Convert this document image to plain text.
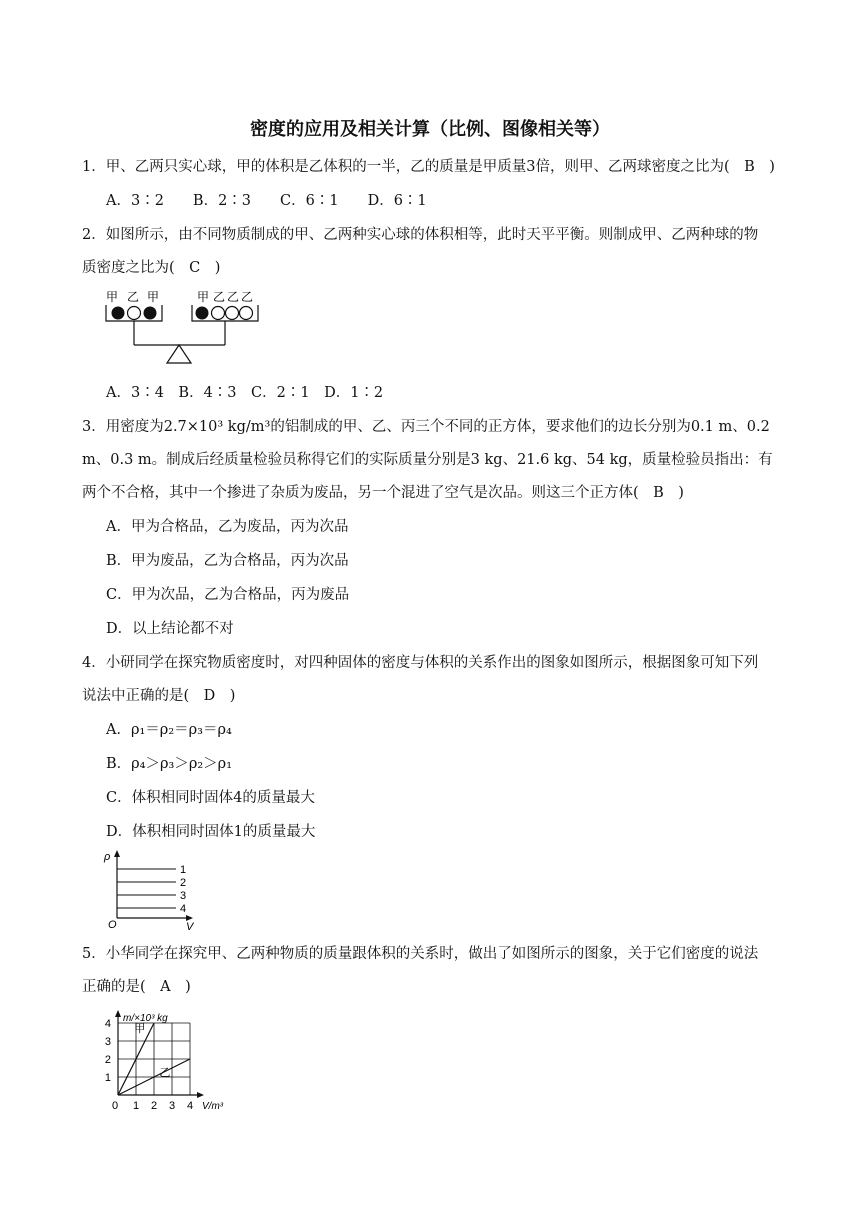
密度的应用及相关计算（比例、图像相关等）
1．甲、乙两只实心球，甲的体积是乙体积的一半，乙的质量是甲质量3倍，则甲、乙两球密度之比为(　B　)
A．3∶2　　B．2∶3　　C．6∶1　　D．6∶1
2．如图所示，由不同物质制成的甲、乙两种实心球的体积相等，此时天平平衡。则制成甲、乙两种球的物
质密度之比为(　C　)
甲 乙 甲	甲 乙 乙 乙
A．3∶4　B．4∶3　C．2∶1　D．1∶2
3．用密度为2.7×10³ kg/m³的铝制成的甲、乙、丙三个不同的正方体，要求他们的边长分别为0.1 m、0.2
m、0.3 m。制成后经质量检验员称得它们的实际质量分别是3 kg、21.6 kg、54 kg，质量检验员指出：有
两个不合格，其中一个掺进了杂质为废品，另一个混进了空气是次品。则这三个正方体(　B　)
A．甲为合格品，乙为废品，丙为次品
B．甲为废品，乙为合格品，丙为次品
C．甲为次品，乙为合格品，丙为废品
D．以上结论都不对
4．小研同学在探究物质密度时，对四种固体的密度与体积的关系作出的图象如图所示，根据图象可知下列
说法中正确的是(　D　)
A．ρ₁＝ρ₂＝ρ₃＝ρ₄
B．ρ₄＞ρ₃＞ρ₂＞ρ₁
C．体积相同时固体4的质量最大
D．体积相同时固体1的质量最大
ρ
O	V
1
2
3
4
5．小华同学在探究甲、乙两种物质的质量跟体积的关系时，做出了如图所示的图象，关于它们密度的说法
正确的是(　A　)
0 1 2 3 4
1
2
3
4 m/×10³ kg
V/m³
甲
乙
